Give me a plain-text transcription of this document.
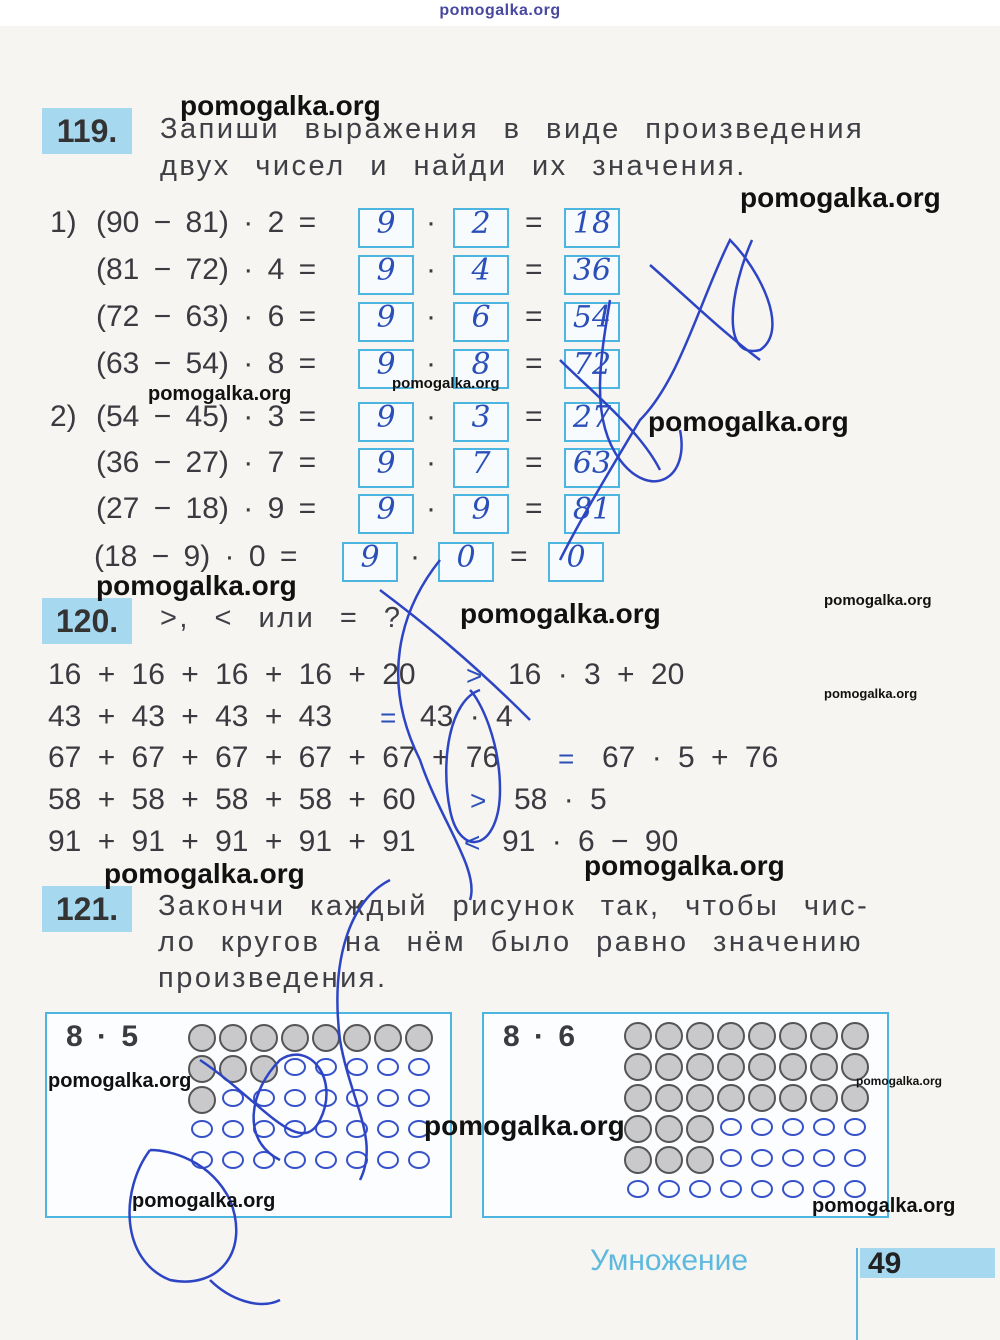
pomogalka.org
119.	Запиши выражения в виде произведения
двух чисел и найди их значения.
1)
2)
(90 − 81) · 2 =	9	·	2	= 18
(81 − 72) · 4 =	9	·	4	= 36
(72 − 63) · 6 =	9	·	6	= 54
(63 − 54) · 8 =	9	·	8	= 72
(54 − 45) · 3 =	9	·	3	= 27
(36 − 27) · 7 =	9	·	7	= 63
(27 − 18) · 9 =	9	·	9	= 81
(18 − 9) · 0 =	9	·	0	=	0
120.	>, < или = ?
16 + 16 + 16 + 16 + 20 > 16 · 3 + 20
43 + 43 + 43 + 43 = 43 · 4
67 + 67 + 67 + 67 + 67 + 76 = 67 · 5 + 76
58 + 58 + 58 + 58 + 60 > 58 · 5
91 + 91 + 91 + 91 + 91 < 91 · 6 − 90
121.	Закончи каждый рисунок так, чтобы чис-
ло кругов на нём было равно значению
произведения.
8 · 5	8 · 6
Умножение	49
pomogalka.org
pomogalka.org
pomogalka.org	pomogalka.org
pomogalka.org
pomogalka.org
pomogalka.org	pomogalka.org
pomogalka.org
pomogalka.org
pomogalka.org
pomogalka.org	pomogalka.org
pomogalka.org
pomogalka.org	pomogalka.org
